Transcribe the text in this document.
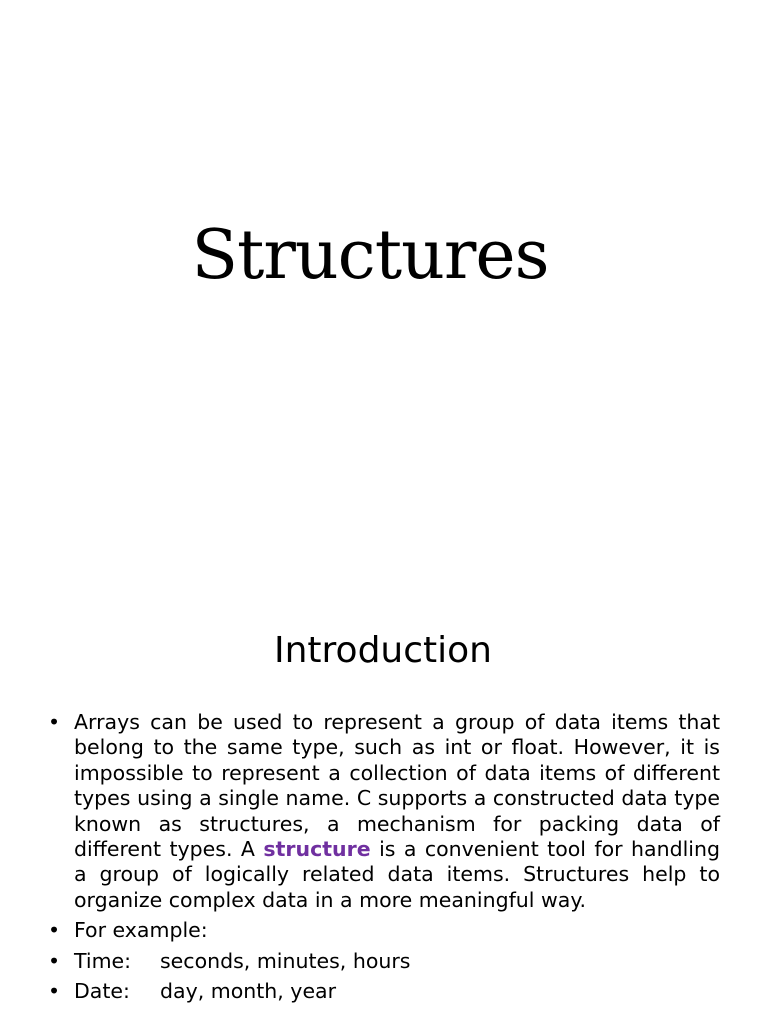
Structures
Introduction
• Arrays can be used to represent a group of data items that belong to the same type, such as int or float. However, it is impossible to represent a collection of data items of different types using a single name. C supports a constructed data type known as structures, a mechanism for packing data of different types. A structure is a convenient tool for handling a group of logically related data items. Structures help to organize complex data in a more meaningful way.
• For example:
• Time: seconds, minutes, hours
• Date: day, month, year
